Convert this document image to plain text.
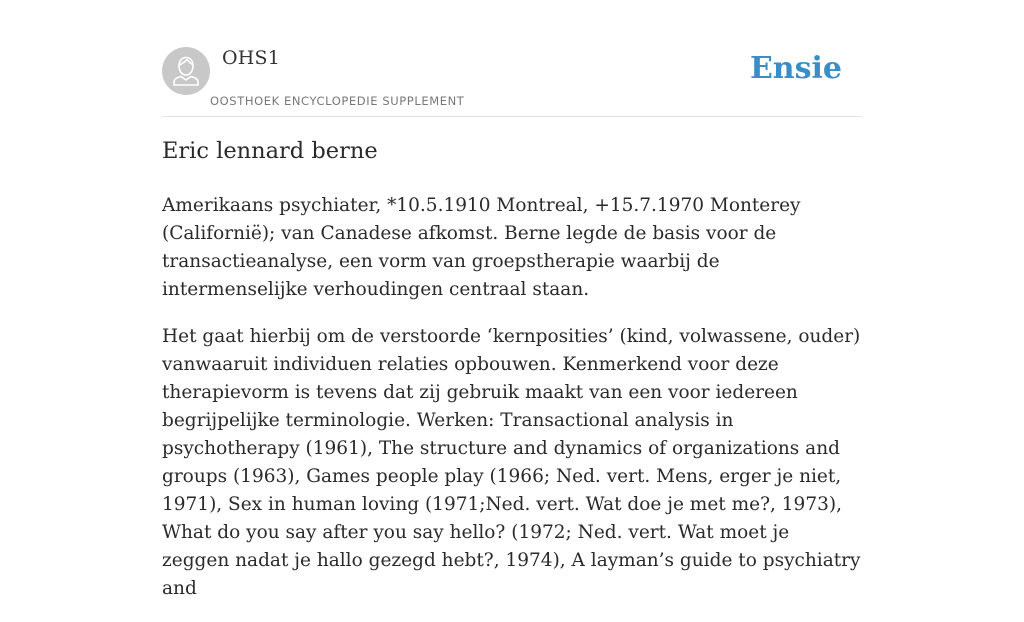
OHS1
OOSTHOEK ENCYCLOPEDIE SUPPLEMENT
Ensie
Eric lennard berne

Amerikaans psychiater, *10.5.1910 Montreal, +15.7.1970 Monterey (Californië); van Canadese afkomst. Berne legde de basis voor de transactieanalyse, een vorm van groepstherapie waarbij de intermenselijke verhoudingen centraal staan.

Het gaat hierbij om de verstoorde ‘kernposities’ (kind, volwassene, ouder) vanwaaruit individuen relaties opbouwen. Kenmerkend voor deze therapievorm is tevens dat zij gebruik maakt van een voor iedereen begrijpelijke terminologie. Werken: Transactional analysis in psychotherapy (1961), The structure and dynamics of organizations and groups (1963), Games people play (1966; Ned. vert. Mens, erger je niet, 1971), Sex in human loving (1971;Ned. vert. Wat doe je met me?, 1973), What do you say after you say hello? (1972; Ned. vert. Wat moet je zeggen nadat je hallo gezegd hebt?, 1974), A layman’s guide to psychiatry and
